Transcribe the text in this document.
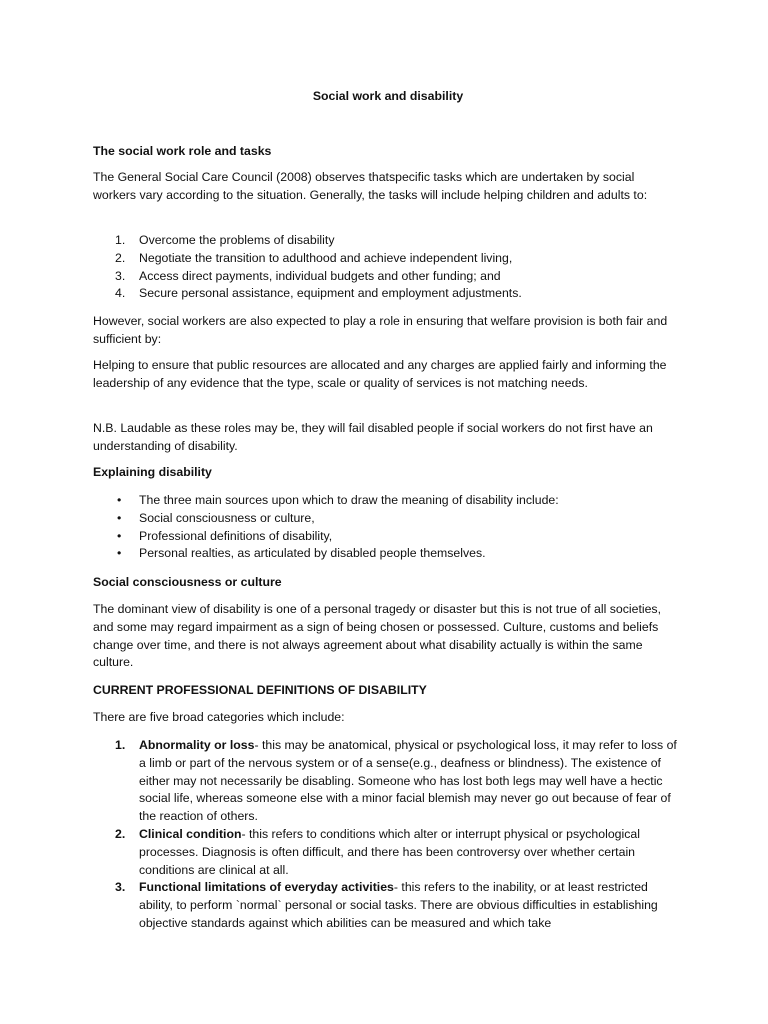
Social work and disability

The social work role and tasks

The General Social Care Council (2008) observes thatspecific tasks which are undertaken by social workers vary according to the situation. Generally, the tasks will include helping children and adults to:

1. Overcome the problems of disability
2. Negotiate the transition to adulthood and achieve independent living,
3. Access direct payments, individual budgets and other funding; and
4. Secure personal assistance, equipment and employment adjustments.

However, social workers are also expected to play a role in ensuring that welfare provision is both fair and sufficient by:

Helping to ensure that public resources are allocated and any charges are applied fairly and informing the leadership of any evidence that the type, scale or quality of services is not matching needs.

N.B. Laudable as these roles may be, they will fail disabled people if social workers do not first have an understanding of disability.

Explaining disability

• The three main sources upon which to draw the meaning of disability include:
• Social consciousness or culture,
• Professional definitions of disability,
• Personal realties, as articulated by disabled people themselves.

Social consciousness or culture

The dominant view of disability is one of a personal tragedy or disaster but this is not true of all societies, and some may regard impairment as a sign of being chosen or possessed. Culture, customs and beliefs change over time, and there is not always agreement about what disability actually is within the same culture.

CURRENT PROFESSIONAL DEFINITIONS OF DISABILITY

There are five broad categories which include:

1. Abnormality or loss- this may be anatomical, physical or psychological loss, it may refer to loss of a limb or part of the nervous system or of a sense(e.g., deafness or blindness). The existence of either may not necessarily be disabling. Someone who has lost both legs may well have a hectic social life, whereas someone else with a minor facial blemish may never go out because of fear of the reaction of others.
2. Clinical condition- this refers to conditions which alter or interrupt physical or psychological processes. Diagnosis is often difficult, and there has been controversy over whether certain conditions are clinical at all.
3. Functional limitations of everyday activities- this refers to the inability, or at least restricted ability, to perform `normal` personal or social tasks. There are obvious difficulties in establishing objective standards against which abilities can be measured and which take
